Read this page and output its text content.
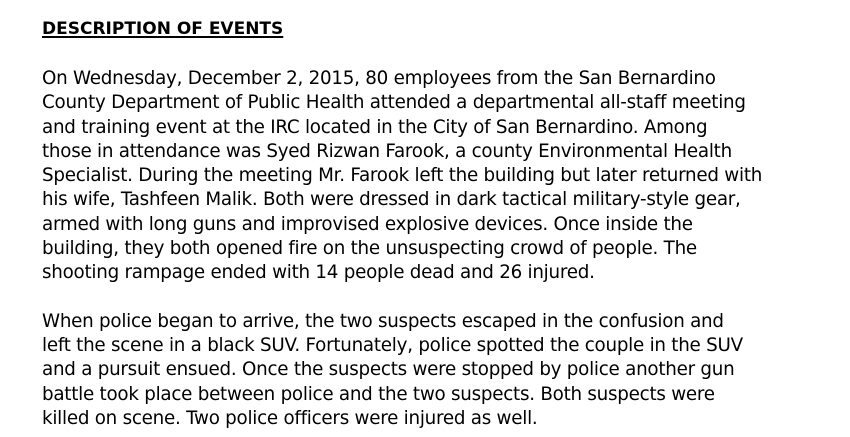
DESCRIPTION OF EVENTS

On Wednesday, December 2, 2015, 80 employees from the San Bernardino
County Department of Public Health attended a departmental all-staff meeting
and training event at the IRC located in the City of San Bernardino. Among
those in attendance was Syed Rizwan Farook, a county Environmental Health
Specialist. During the meeting Mr. Farook left the building but later returned with
his wife, Tashfeen Malik. Both were dressed in dark tactical military-style gear,
armed with long guns and improvised explosive devices. Once inside the
building, they both opened fire on the unsuspecting crowd of people. The
shooting rampage ended with 14 people dead and 26 injured.

When police began to arrive, the two suspects escaped in the confusion and
left the scene in a black SUV. Fortunately, police spotted the couple in the SUV
and a pursuit ensued. Once the suspects were stopped by police another gun
battle took place between police and the two suspects. Both suspects were
killed on scene. Two police officers were injured as well.
